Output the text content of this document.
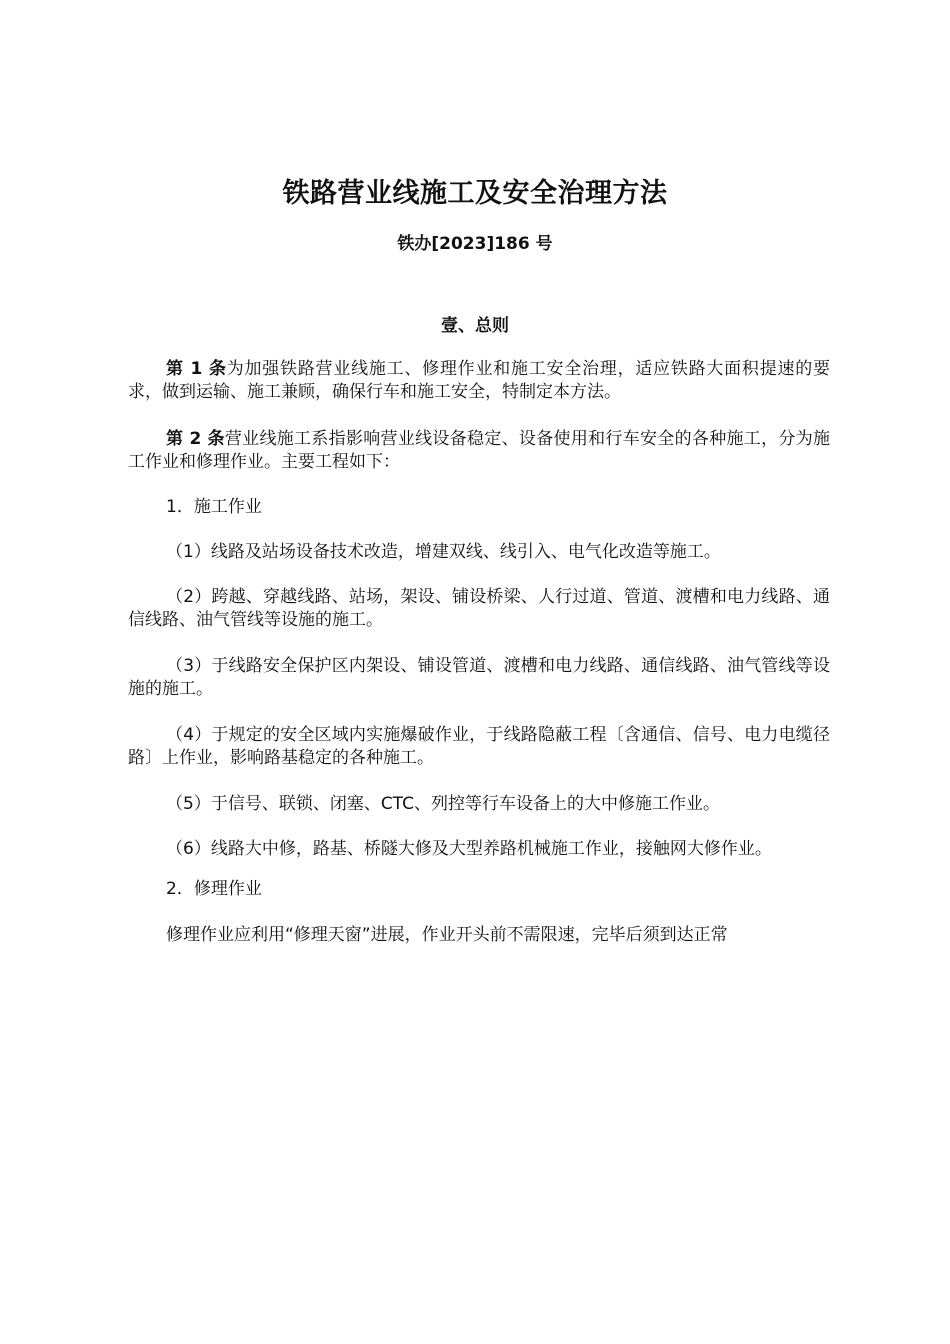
铁路营业线施工及安全治理方法
铁办[2023]186 号
壹、总则

第 1 条为加强铁路营业线施工、修理作业和施工安全治理，适应铁路大面积提速的要求，做到运输、施工兼顾，确保行车和施工安全，特制定本方法。

第 2 条营业线施工系指影响营业线设备稳定、设备使用和行车安全的各种施工，分为施工作业和修理作业。主要工程如下：

1．施工作业

（1）线路及站场设备技术改造，增建双线、线引入、电气化改造等施工。

（2）跨越、穿越线路、站场，架设、铺设桥梁、人行过道、管道、渡槽和电力线路、通信线路、油气管线等设施的施工。

（3）于线路安全保护区内架设、铺设管道、渡槽和电力线路、通信线路、油气管线等设施的施工。

（4）于规定的安全区域内实施爆破作业，于线路隐蔽工程〔含通信、信号、电力电缆径路〕上作业，影响路基稳定的各种施工。

（5）于信号、联锁、闭塞、CTC、列控等行车设备上的大中修施工作业。

（6）线路大中修，路基、桥隧大修及大型养路机械施工作业，接触网大修作业。

2．修理作业

修理作业应利用“修理天窗”进展，作业开头前不需限速，完毕后须到达正常
